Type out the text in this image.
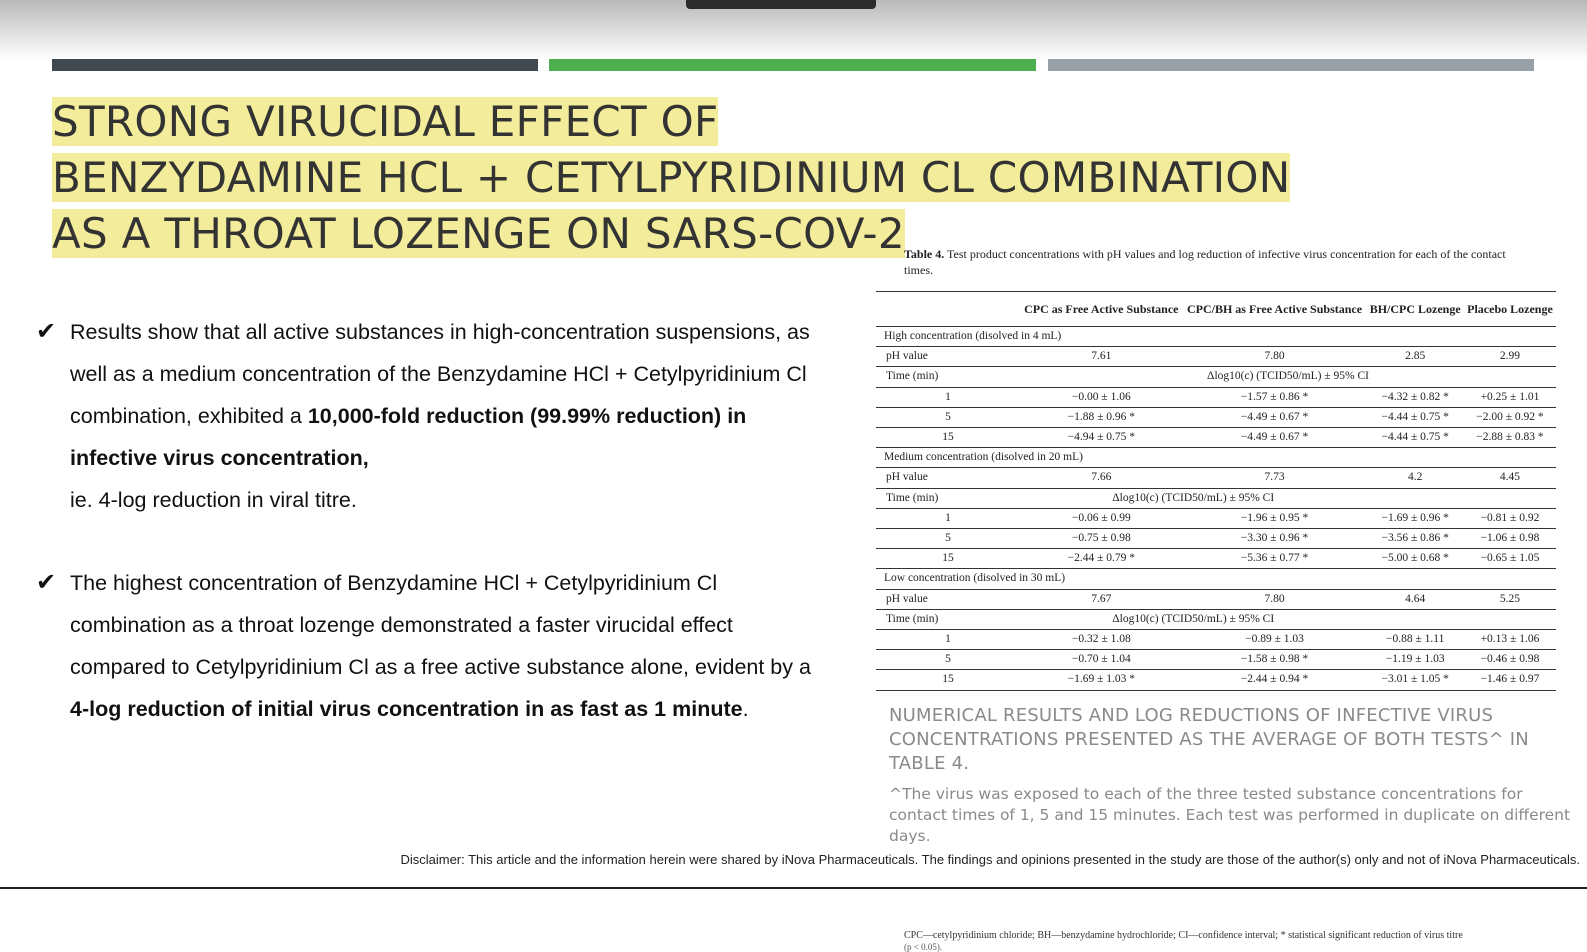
STRONG VIRUCIDAL EFFECT OF
BENZYDAMINE HCL + CETYLPYRIDINIUM CL COMBINATION
AS A THROAT LOZENGE ON SARS-COV-2
✔ Results show that all active substances in high-concentration suspensions, as well as a medium concentration of the Benzydamine HCl + Cetylpyridinium Cl combination, exhibited a 10,000-fold reduction (99.99% reduction) in infective virus concentration,
ie. 4-log reduction in viral titre.
✔ The highest concentration of Benzydamine HCl + Cetylpyridinium Cl combination as a throat lozenge demonstrated a faster virucidal effect compared to Cetylpyridinium Cl as a free active substance alone, evident by a 4-log reduction of initial virus concentration in as fast as 1 minute.
Table 4. Test product concentrations with pH values and log reduction of infective virus concentration for each of the contact times.
	CPC as Free Active Substance	CPC/BH as Free Active Substance	BH/CPC Lozenge	Placebo Lozenge
High concentration (disolved in 4 mL)				
pH value	7.61	7.80	2.85	2.99
Time (min)	Δlog10(c) (TCID50/mL) ± 95% CI			
1	−0.00 ± 1.06	−1.57 ± 0.86 *	−4.32 ± 0.82 *	+0.25 ± 1.01
5	−1.88 ± 0.96 *	−4.49 ± 0.67 *	−4.44 ± 0.75 *	−2.00 ± 0.92 *
15	−4.94 ± 0.75 *	−4.49 ± 0.67 *	−4.44 ± 0.75 *	−2.88 ± 0.83 *
Medium concentration (disolved in 20 mL)				
pH value	7.66	7.73	4.2	4.45
Time (min)	Δlog10(c) (TCID50/mL) ± 95% CI			
1	−0.06 ± 0.99	−1.96 ± 0.95 *	−1.69 ± 0.96 *	−0.81 ± 0.92
5	−0.75 ± 0.98	−3.30 ± 0.96 *	−3.56 ± 0.86 *	−1.06 ± 0.98
15	−2.44 ± 0.79 *	−5.36 ± 0.77 *	−5.00 ± 0.68 *	−0.65 ± 1.05
Low concentration (disolved in 30 mL)				
pH value	7.67	7.80	4.64	5.25
Time (min)	Δlog10(c) (TCID50/mL) ± 95% CI			
1	−0.32 ± 1.08	−0.89 ± 1.03	−0.88 ± 1.11	+0.13 ± 1.06
5	−0.70 ± 1.04	−1.58 ± 0.98 *	−1.19 ± 1.03	−0.46 ± 0.98
15	−1.69 ± 1.03 *	−2.44 ± 0.94 *	−3.01 ± 1.05 *	−1.46 ± 0.97
CPC—cetylpyridinium chloride; BH—benzydamine hydrochloride; CI—confidence interval; * statistical significant reduction of virus titre
(p < 0.05).

NUMERICAL RESULTS AND LOG REDUCTIONS OF INFECTIVE VIRUS CONCENTRATIONS PRESENTED AS THE AVERAGE OF BOTH TESTS^ IN TABLE 4.

^The virus was exposed to each of the three tested substance concentrations for contact times of 1, 5 and 15 minutes. Each test was performed in duplicate on different days.

Disclaimer: This article and the information herein were shared by iNova Pharmaceuticals. The findings and opinions presented in the study are those of the author(s) only and not of iNova Pharmaceuticals.
